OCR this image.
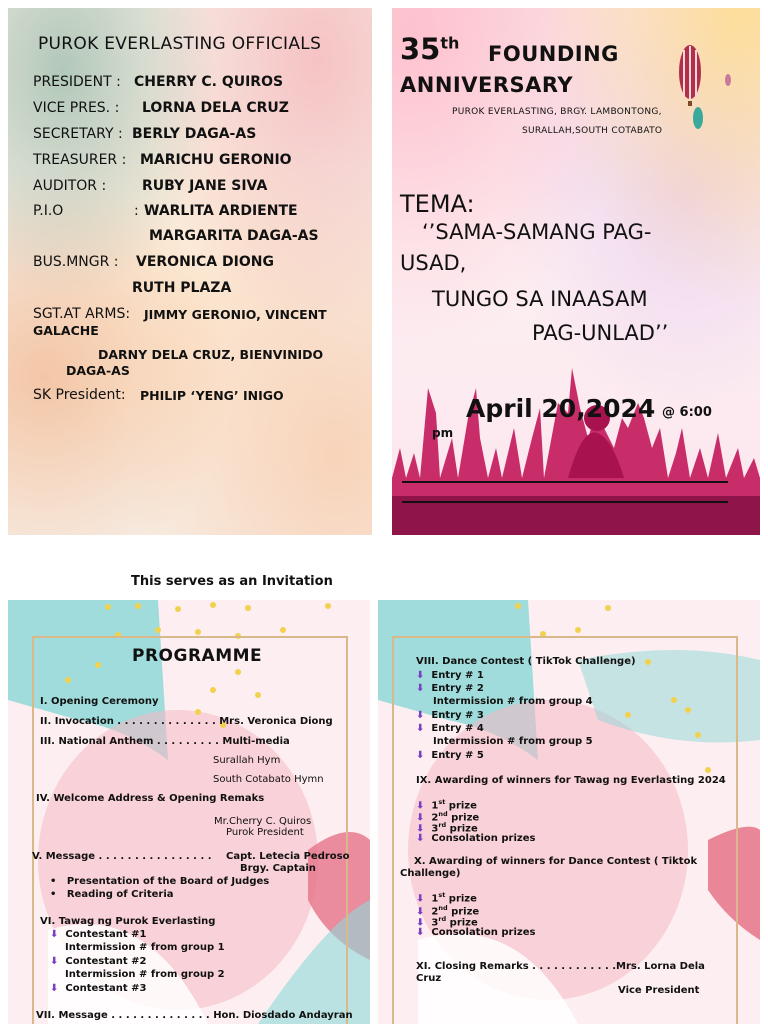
PUROK EVERLASTING OFFICIALS
PRESIDENT : CHERRY C. QUIROS
VICE PRES. : LORNA DELA CRUZ
SECRETARY : BERLY DAGA-AS
TREASURER : MARICHU GERONIO
AUDITOR :	RUBY JANE SIVA
P.I.O	: WARLITA ARDIENTE
MARGARITA DAGA-AS
BUS.MNGR : VERONICA DIONG
RUTH PLAZA
SGT.AT ARMS: JIMMY GERONIO, VINCENT
GALACHE
DARNY DELA CRUZ, BIENVINIDO
DAGA-AS
SK President: PHILIP ‘YENG’ INIGO
35th FOUNDING
ANNIVERSARY
PUROK EVERLASTING, BRGY. LAMBONTONG,
SURALLAH,SOUTH COTABATO
TEMA:
‘’SAMA-SAMANG PAG-
USAD,
TUNGO SA INAASAM
PAG-UNLAD’’
April 20,2024 @ 6:00
pm
This serves as an Invitation
PROGRAMME
I. Opening Ceremony
II. Invocation . . . . . . . . . . . . . . Mrs. Veronica Diong
III. National Anthem . . . . . . . . . Multi-media
Surallah Hym
South Cotabato Hymn
IV. Welcome Address & Opening Remaks
Mr.Cherry C. Quiros
Purok President
V. Message . . . . . . . . . . . . . . . . Capt. Letecia Pedroso
Brgy. Captain
•   Presentation of the Board of Judges
•   Reading of Criteria
VI. Tawag ng Purok Everlasting
⬇ Contestant #1
Intermission # from group 1
⬇ Contestant #2
Intermission # from group 2
⬇ Contestant #3
VII. Message . . . . . . . . . . . . . . Hon. Diosdado Andayran
VIII. Dance Contest ( TikTok Challenge)
⬇ Entry # 1
⬇ Entry # 2
Intermission # from group 4
⬇ Entry # 3
⬇ Entry # 4
Intermission # from group 5
⬇ Entry # 5
IX. Awarding of winners for Tawag ng Everlasting 2024
⬇ 1st prize
⬇ 2nd prize
⬇ 3rd prize
⬇ Consolation prizes
X. Awarding of winners for Dance Contest ( Tiktok
Challenge)
⬇ 1st prize
⬇ 2nd prize
⬇ 3rd prize
⬇ Consolation prizes
XI. Closing Remarks . . . . . . . . . . . .Mrs. Lorna Dela
Cruz
Vice President
